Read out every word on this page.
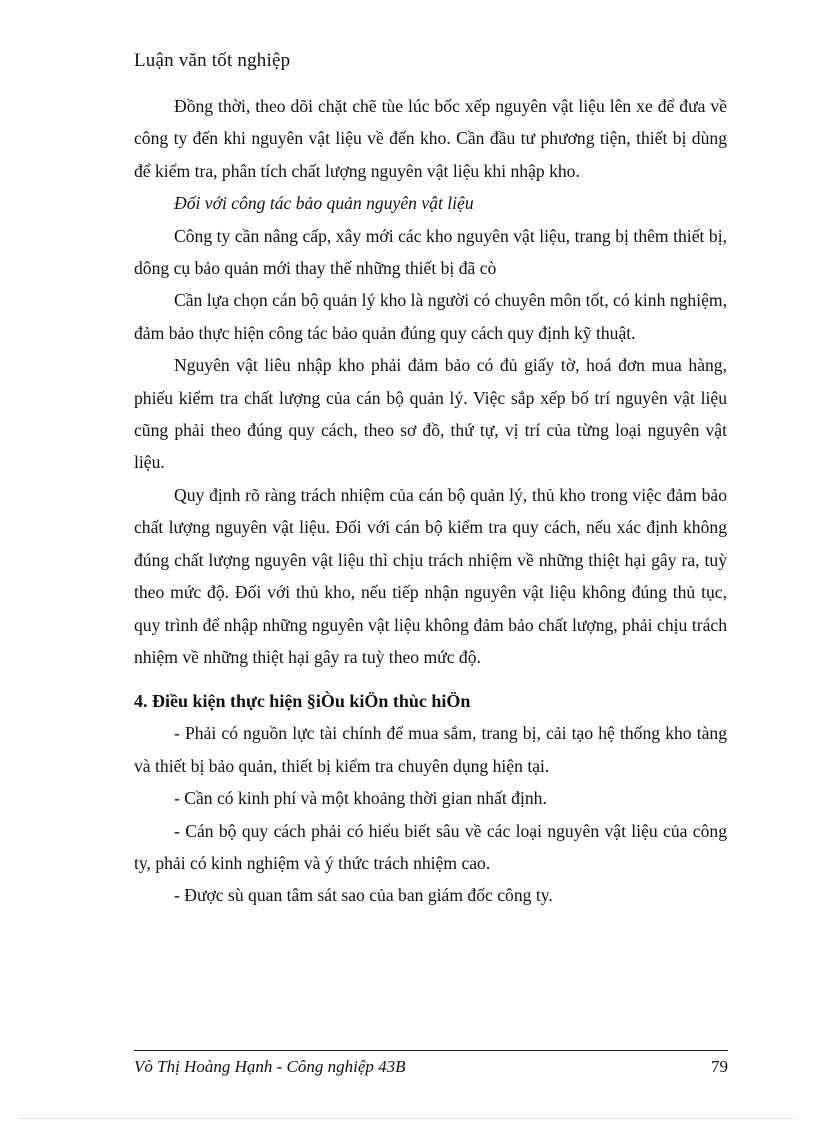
Luận văn tốt nghiệp

Đồng thời, theo dõi chặt chẽ tùe lúc bốc xếp nguyên vật liệu lên xe để đưa về công ty đến khi nguyên vật liệu về đến kho. Cần đầu tư phương tiện, thiết bị dùng để kiểm tra, phân tích chất lượng nguyên vật liệu khi nhập kho.

Đối với công tác bảo quản nguyên vật liệu

Công ty cần nâng cấp, xây mới các kho nguyên vật liệu, trang bị thêm thiết bị, dông cụ bảo quản mới thay thế những thiết bị đã cò

Cần lựa chọn cán bộ quản lý kho là người có chuyên môn tốt, có kinh nghiệm, đảm bảo thực hiện công tác bảo quản đúng quy cách quy định kỹ thuật.

Nguyên vật liêu nhập kho phải đảm bảo có đủ giấy tờ, hoá đơn mua hàng, phiếu kiểm tra chất lượng của cán bộ quản lý. Việc sắp xếp bố trí nguyên vật liệu cũng phải theo đúng quy cách, theo sơ đồ, thứ tự, vị trí của từng loại nguyên vật liệu.

Quy định rõ ràng trách nhiệm của cán bộ quản lý, thủ kho trong việc đảm bảo chất lượng nguyên vật liệu. Đối với cán bộ kiểm tra quy cách, nếu xác định không đúng chất lượng nguyên vật liệu thì chịu trách nhiệm về những thiệt hại gây ra, tuỳ theo mức độ. Đối với thủ kho, nếu tiếp nhận nguyên vật liệu không đúng thủ tục, quy trình để nhập những nguyên vật liệu không đảm bảo chất lượng, phải chịu trách nhiệm về những thiệt hại gây ra tuỳ theo mức độ.

4. Điều kiện thực hiện §iÒu kiÖn thùc hiÖn

- Phải có nguồn lực tài chính để mua sắm, trang bị, cải tạo hệ thống kho tàng và thiết bị bảo quản, thiết bị kiểm tra chuyên dụng hiện tại.

- Cần có kinh phí và một khoảng thời gian nhất định.

- Cán bộ quy cách phải có hiểu biết sâu về các loại nguyên vật liệu của công ty, phải có kinh nghiệm và ý thức trách nhiệm cao.

- Được sù quan tâm sát sao của ban giám đốc công ty.

Vò Thị Hoàng Hạnh - Công nghiệp 43B	79
